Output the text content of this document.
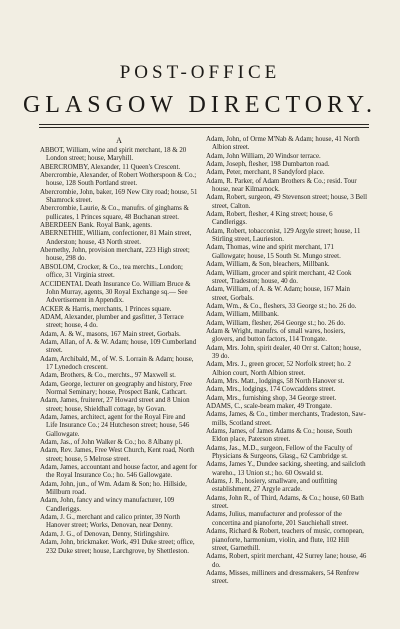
POST-OFFICE
GLASGOW DIRECTORY.
A

ABBOT, William, wine and spirit merchant, 18 & 20 London street; house, Maryhill.

ABERCROMBY, Alexander, 11 Queen's Crescent.

Abercrombie, Alexander, of Robert Wotherspoon & Co.; house, 128 South Portland street.

Abercrombie, John, baker, 169 New City road; house, 51 Shamrock street.

Abercrombie, Laurie, & Co., manufrs. of ginghams & pullicates, 1 Princes square, 48 Buchanan street.

ABERDEEN Bank. Royal Bank, agents.

ABERNETHIE, William, confectioner, 81 Main street, Anderston; house, 43 North street.

Abernethy, John, provision merchant, 223 High street; house, 298 do.

ABSOLOM, Crocker, & Co., tea merchts., London; office, 31 Virginia street.

ACCIDENTAL Death Insurance Co. William Bruce & John Murray, agents, 30 Royal Exchange sq.— See Advertisement in Appendix.

ACKER & Harris, merchants, 1 Princes square.

ADAM, Alexander, plumber and gasfitter, 3 Terrace street; house, 4 do.

Adam, A. & W., masons, 167 Main street, Gorbals.

Adam, Allan, of A. & W. Adam; house, 109 Cumberland street.

Adam, Archibald, M., of W. S. Lorrain & Adam; house, 17 Lynedoch crescent.

Adam, Brothers, & Co., merchts., 97 Maxwell st.

Adam, George, lecturer on geography and history, Free Normal Seminary; house, Prospect Bank, Cathcart.

Adam, James, fruiterer, 27 Howard street and 8 Union street; house, Shieldhall cottage, by Govan.

Adam, James, architect, agent for the Royal Fire and Life Insurance Co.; 24 Hutcheson street; house, 546 Gallowgate.

Adam, Jas., of John Walker & Co.; ho. 8 Albany pl.

Adam, Rev. James, Free West Church, Kent road, North street; house, 5 Melrose street.

Adam, James, accountant and house factor, and agent for the Royal Insurance Co.; ho. 546 Gallowgate.

Adam, John, jun., of Wm. Adam & Son; ho. Hillside, Millburn road.

Adam, John, fancy and wincy manufacturer, 109 Candleriggs.

Adam, J. G., merchant and calico printer, 39 North Hanover street; Works, Denovan, near Denny.

Adam, J. G., of Denovan, Denny, Stirlingshire.

Adam, John, brickmaker. Work, 491 Duke street; office, 232 Duke street; house, Larchgrove, by Shettleston.

Adam, John, of Orme M'Nab & Adam; house, 41 North Albion street.

Adam, John William, 20 Windsor terrace.

Adam, Joseph, flesher, 198 Dumbarton road.

Adam, Peter, merchant, 8 Sandyford place.

Adam, R. Parker, of Adam Brothers & Co.; resid. Tour house, near Kilmarnock.

Adam, Robert, surgeon, 49 Stevenson street; house, 3 Bell street, Calton.

Adam, Robert, flesher, 4 King street; house, 6 Candleriggs.

Adam, Robert, tobacconist, 129 Argyle street; house, 11 Stirling street, Laurieston.

Adam, Thomas, wine and spirit merchant, 171 Gallowgate; house, 15 South St. Mungo street.

Adam, William, & Son, bleachers, Millbank.

Adam, William, grocer and spirit merchant, 42 Cook street, Tradeston; house, 40 do.

Adam, William, of A. & W. Adam; house, 167 Main street, Gorbals.

Adam, Wm., & Co., fleshers, 33 George st.; ho. 26 do.

Adam, William, Millbank.

Adam, William, flesher, 264 George st.; ho. 26 do.

Adam & Wright, manufrs. of small wares, hosiers, glovers, and button factors, 114 Trongate.

Adam, Mrs. John, spirit dealer, 40 Orr st. Calton; house, 39 do.

Adam, Mrs. J., green grocer, 52 Norfolk street; ho. 2 Albion court, North Albion street.

Adam, Mrs. Matt., lodgings, 58 North Hanover st.

Adam, Mrs., lodgings, 174 Cowcaddens street.

Adam, Mrs., furnishing shop, 34 George street.

ADAMS, C., scale-beam maker, 49 Trongate.

Adams, James, & Co., timber merchants, Tradeston, Saw-mills, Scotland street.

Adams, James, of James Adams & Co.; house, South Eldon place, Paterson street.

Adams, Jas., M.D., surgeon, Fellow of the Faculty of Physicians & Surgeons, Glasg., 62 Cambridge st.

Adams, James Y., Dundee sacking, sheeting, and sailcloth wareho., 13 Union st.; ho. 60 Oswald st.

Adams, J. R., hosiery, smallware, and outfitting establishment, 27 Argyle arcade.

Adams, John R., of Third, Adams, & Co.; house, 60 Bath street.

Adams, Julius, manufacturer and professor of the concertina and pianoforte, 201 Sauchiehall street.

Adams, Richard & Robert, teachers of music, cornopean, pianoforte, harmonium, violin, and flute, 102 Hill street, Garnethill.

Adams, Robert, spirit merchant, 42 Surrey lane; house, 46 do.

Adams, Misses, milliners and dressmakers, 54 Renfrew street.
